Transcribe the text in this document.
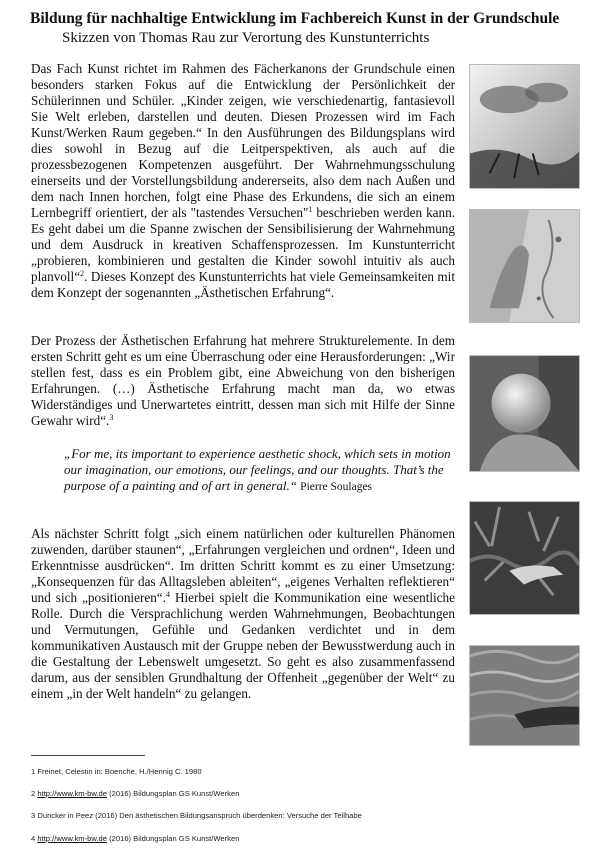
Bildung für nachhaltige Entwicklung im Fachbereich Kunst in der Grundschule
Skizzen von Thomas Rau zur Verortung des Kunstunterrichts

Das Fach Kunst richtet im Rahmen des Fächerkanons der Grundschule einen besonders starken Fokus auf die Entwicklung der Persönlichkeit der Schülerinnen und Schüler. „Kinder zeigen, wie verschiedenartig, fantasievoll Sie Welt erleben, darstellen und deuten. Diesen Prozessen wird im Fach Kunst/Werken Raum gegeben.“ In den Ausführungen des Bildungsplans wird dies sowohl in Bezug auf die Leitperspektiven, als auch auf die prozessbezogenen Kompetenzen ausgeführt. Der Wahrnehmungsschulung einerseits und der Vorstellungsbildung andererseits, also dem nach Außen und dem nach Innen horchen, folgt eine Phase des Erkundens, die sich an einem Lernbegriff orientiert, der als "tastendes Versuchen"$^1$ beschrieben werden kann. Es geht dabei um die Spanne zwischen der Sensibilisierung der Wahrnehmung und dem Ausdruck in kreativen Schaffensprozessen. Im Kunstunterricht „probieren, kombinieren und gestalten die Kinder sowohl intuitiv als auch planvoll“$^2$. Dieses Konzept des Kunstunterrichts hat viele Gemeinsamkeiten mit dem Konzept der sogenannten „Ästhetischen Erfahrung“.

Der Prozess der Ästhetischen Erfahrung hat mehrere Strukturelemente. In dem ersten Schritt geht es um eine Überraschung oder eine Herausforderungen: „Wir stellen fest, dass es ein Problem gibt, eine Abweichung von den bisherigen Erfahrungen. (…) Ästhetische Erfahrung macht man da, wo etwas Widerständiges und Unerwartetes eintritt, dessen man sich mit Hilfe der Sinne Gewahr wird“.$^3$

„For me, its important to experience aesthetic shock, which sets in motion our imagination, our emotions, our feelings, and our thoughts. That’s the purpose of a painting and of art in general.“ Pierre Soulages

Als nächster Schritt folgt „sich einem natürlichen oder kulturellen Phänomen zuwenden, darüber staunen“, „Erfahrungen vergleichen und ordnen“, Ideen und Erkenntnisse ausdrücken“. Im dritten Schritt kommt es zu einer Umsetzung: „Konsequenzen für das Alltagsleben ableiten“, „eigenes Verhalten reflektieren“ und sich „positionieren“.$^4$ Hierbei spielt die Kommunikation eine wesentliche Rolle. Durch die Versprachlichung werden Wahrnehmungen, Beobachtungen und Vermutungen, Gefühle und Gedanken verdichtet und in dem kommunikativen Austausch mit der Gruppe neben der Bewusstwerdung auch in die Gestaltung der Lebenswelt umgesetzt. So geht es also zusammenfassend darum, aus der sensiblen Grundhaltung der Offenheit „gegenüber der Welt“ zu einem „in der Welt handeln“ zu gelangen.

1 Freinet, Celestin in: Boenche, H./Hennig C. 1980
2 http://www.km-bw.de (2016) Bildungsplan GS Kunst/Werken
3 Duncker in Peez (2016) Den ästhetischen Bildungsanspruch überdenken: Versuche der Teilhabe
4 http://www.km-bw.de (2016) Bildungsplan GS Kunst/Werken
